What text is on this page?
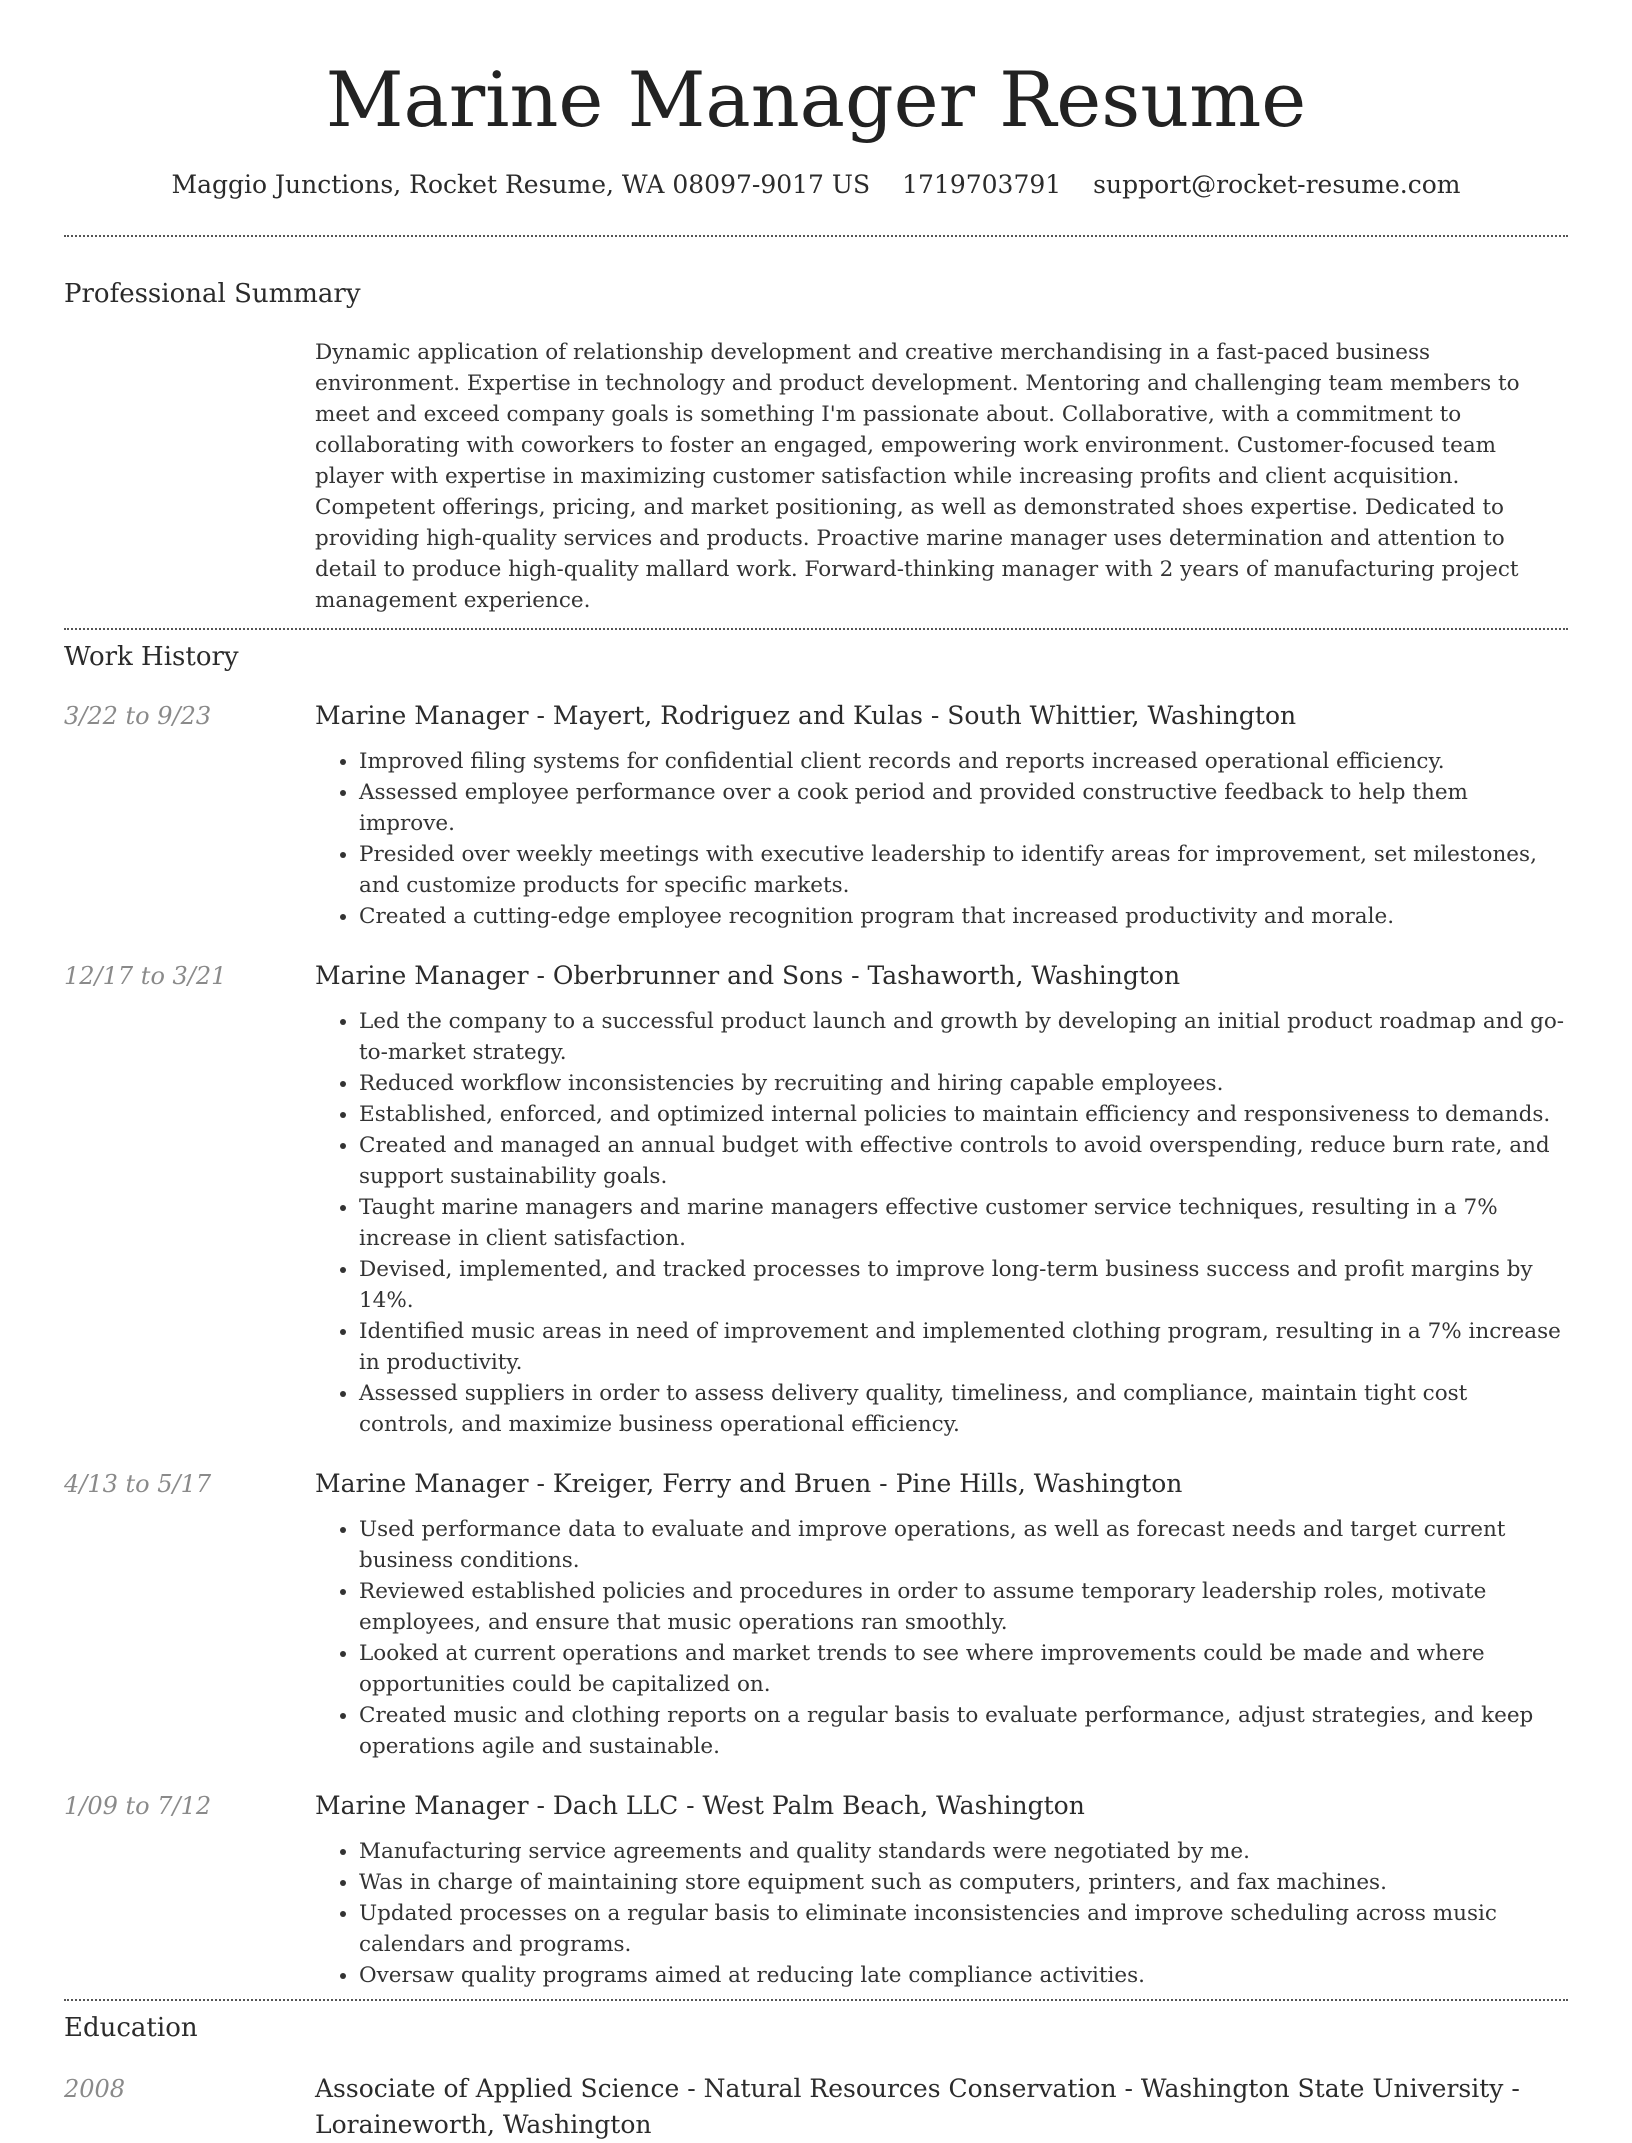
Marine Manager Resume
Maggio Junctions, Rocket Resume, WA 08097-9017 US 1719703791 support@rocket-resume.com
Professional Summary

Dynamic application of relationship development and creative merchandising in a fast-paced business environment. Expertise in technology and product development. Mentoring and challenging team members to meet and exceed company goals is something I'm passionate about. Collaborative, with a commitment to collaborating with coworkers to foster an engaged, empowering work environment. Customer-focused team player with expertise in maximizing customer satisfaction while increasing profits and client acquisition. Competent offerings, pricing, and market positioning, as well as demonstrated shoes expertise. Dedicated to providing high-quality services and products. Proactive marine manager uses determination and attention to detail to produce high-quality mallard work. Forward-thinking manager with 2 years of manufacturing project management experience.

Work History
3/22 to 9/23	Marine Manager - Mayert, Rodriguez and Kulas - South Whittier, Washington
• Improved filing systems for confidential client records and reports increased operational efficiency.
• Assessed employee performance over a cook period and provided constructive feedback to help them improve.
• Presided over weekly meetings with executive leadership to identify areas for improvement, set milestones, and customize products for specific markets.
• Created a cutting-edge employee recognition program that increased productivity and morale.
12/17 to 3/21	Marine Manager - Oberbrunner and Sons - Tashaworth, Washington
• Led the company to a successful product launch and growth by developing an initial product roadmap and go-to-market strategy.
• Reduced workflow inconsistencies by recruiting and hiring capable employees.
• Established, enforced, and optimized internal policies to maintain efficiency and responsiveness to demands.
• Created and managed an annual budget with effective controls to avoid overspending, reduce burn rate, and support sustainability goals.
• Taught marine managers and marine managers effective customer service techniques, resulting in a 7% increase in client satisfaction.
• Devised, implemented, and tracked processes to improve long-term business success and profit margins by 14%.
• Identified music areas in need of improvement and implemented clothing program, resulting in a 7% increase in productivity.
• Assessed suppliers in order to assess delivery quality, timeliness, and compliance, maintain tight cost controls, and maximize business operational efficiency.
4/13 to 5/17	Marine Manager - Kreiger, Ferry and Bruen - Pine Hills, Washington
• Used performance data to evaluate and improve operations, as well as forecast needs and target current business conditions.
• Reviewed established policies and procedures in order to assume temporary leadership roles, motivate employees, and ensure that music operations ran smoothly.
• Looked at current operations and market trends to see where improvements could be made and where opportunities could be capitalized on.
• Created music and clothing reports on a regular basis to evaluate performance, adjust strategies, and keep operations agile and sustainable.
1/09 to 7/12	Marine Manager - Dach LLC - West Palm Beach, Washington
• Manufacturing service agreements and quality standards were negotiated by me.
• Was in charge of maintaining store equipment such as computers, printers, and fax machines.
• Updated processes on a regular basis to eliminate inconsistencies and improve scheduling across music calendars and programs.
• Oversaw quality programs aimed at reducing late compliance activities.
Education
2008	Associate of Applied Science - Natural Resources Conservation - Washington State University - Loraineworth, Washington
